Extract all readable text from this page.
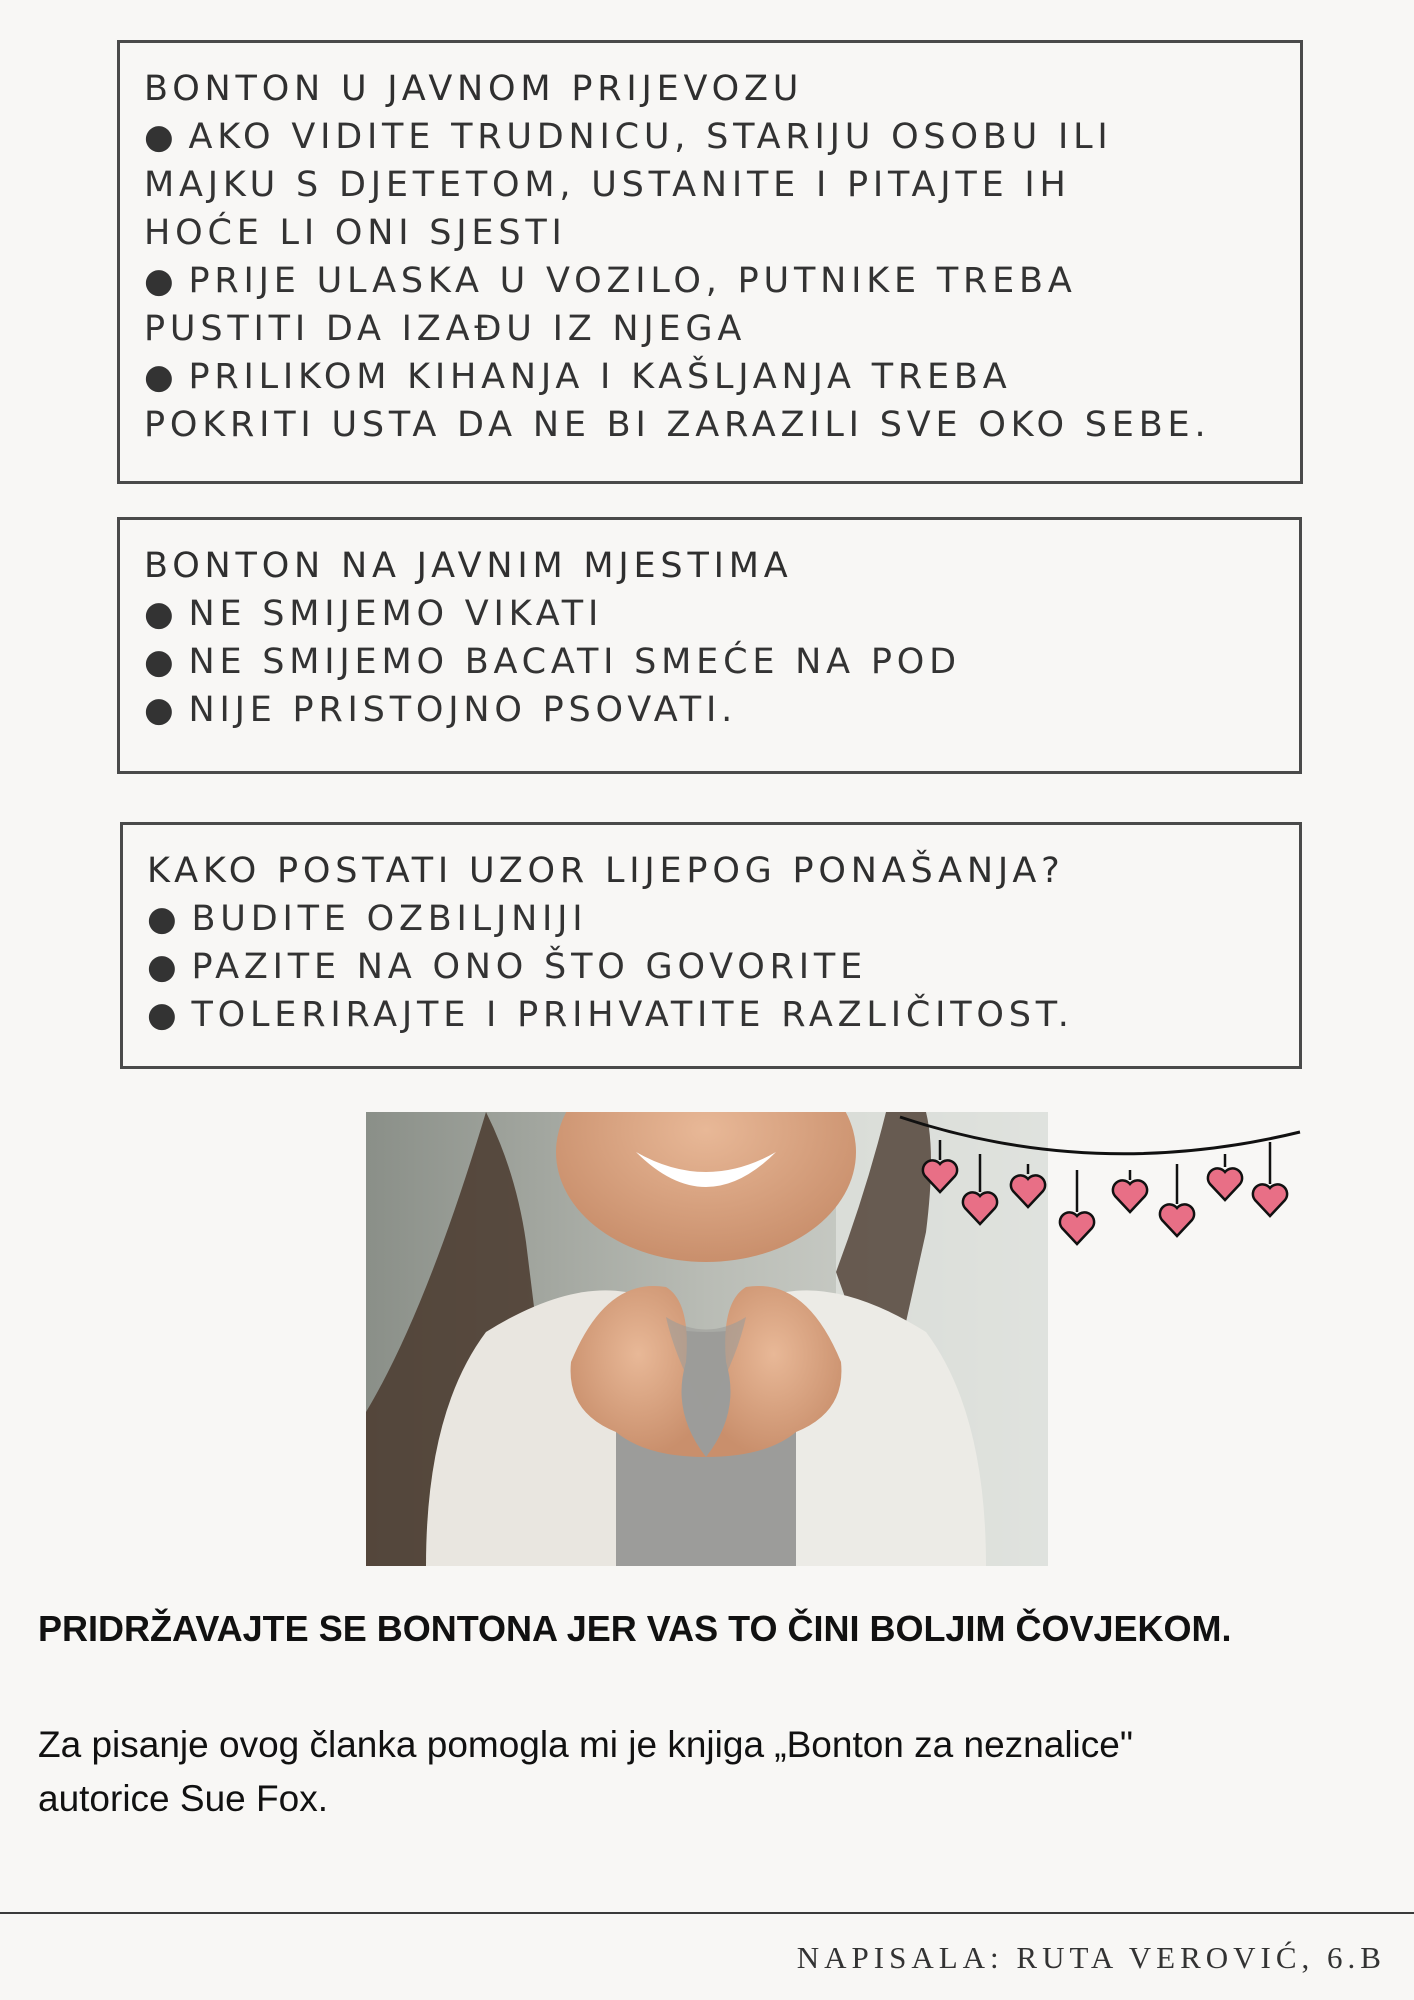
BONTON U JAVNOM PRIJEVOZU
● AKO VIDITE TRUDNICU, STARIJU OSOBU ILI
MAJKU S DJETETOM, USTANITE I PITAJTE IH
HOĆE LI ONI SJESTI
● PRIJE ULASKA U VOZILO, PUTNIKE TREBA
PUSTITI DA IZAĐU IZ NJEGA
● PRILIKOM KIHANJA I KAŠLJANJA TREBA
POKRITI USTA DA NE BI ZARAZILI SVE OKO SEBE.
BONTON NA JAVNIM MJESTIMA
● NE SMIJEMO VIKATI
● NE SMIJEMO BACATI SMEĆE NA POD
● NIJE PRISTOJNO PSOVATI.
KAKO POSTATI UZOR LIJEPOG PONAŠANJA?
● BUDITE OZBILJNIJI
● PAZITE NA ONO ŠTO GOVORITE
● TOLERIRAJTE I PRIHVATITE RAZLIČITOST.
PRIDRŽAVAJTE SE BONTONA JER VAS TO ČINI BOLJIM ČOVJEKOM.
Za pisanje ovog članka pomogla mi je knjiga „Bonton za neznalice"
autorice Sue Fox.
NAPISALA: RUTA VEROVIĆ, 6.B
